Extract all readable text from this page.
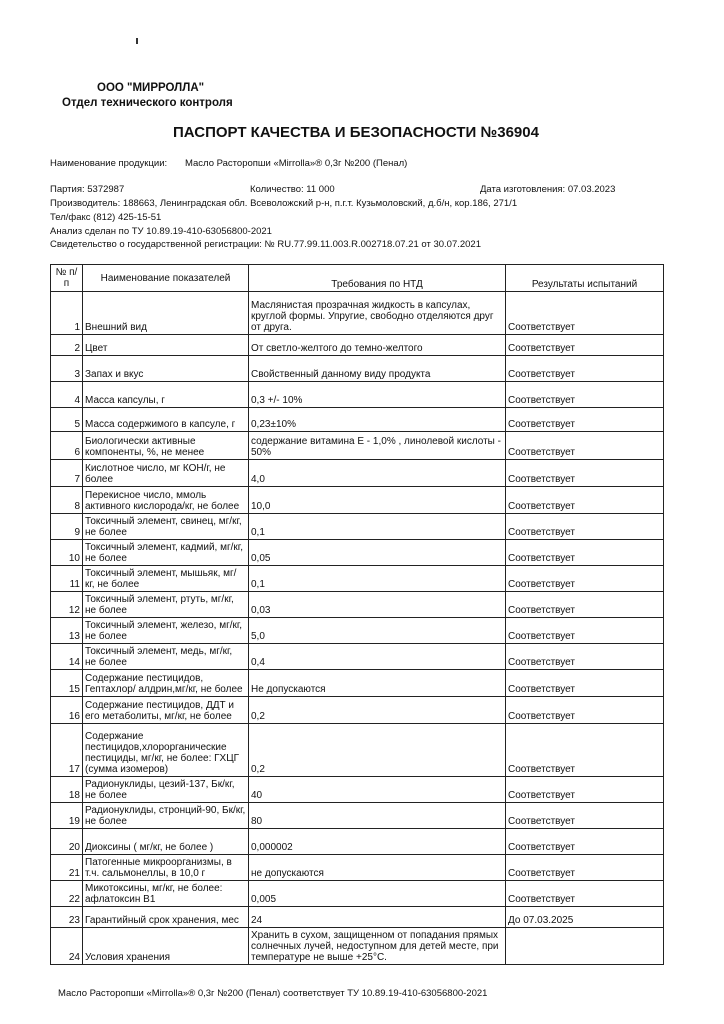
ООО "МИРРОЛЛА"
Отдел технического контроля
ПАСПОРТ КАЧЕСТВА И БЕЗОПАСНОСТИ №36904
Наименование продукции: Масло Расторопши «Mirrolla»® 0,3г №200 (Пенал)
Партия: 5372987	Количество: 11 000	Дата изготовления: 07.03.2023
Производитель: 188663, Ленинградская обл. Всеволожский р-н, п.г.т. Кузьмоловский, д.б/н, кор.186, 271/1
Тел/факс (812) 425-15-51
Анализ сделан по ТУ 10.89.19-410-63056800-2021
Свидетельство о государственной регистрации: № RU.77.99.11.003.R.002718.07.21 от 30.07.2021
№ п/п	Наименование показателей	Требования по НТД	Результаты испытаний
1	Внешний вид	Маслянистая прозрачная жидкость в капсулах, круглой формы. Упругие, свободно отделяются друг от друга.	Соответствует
2	Цвет	От светло-желтого до темно-желтого	Соответствует
3	Запах и вкус	Свойственный данному виду продукта	Соответствует
4	Масса капсулы, г	0,3 +/- 10%	Соответствует
5	Масса содержимого в капсуле, г	0,23±10%	Соответствует
6	Биологически активные компоненты, %, не менее	содержание витамина Е - 1,0% , линолевой кислоты - 50%	Соответствует
7	Кислотное число, мг КОН/г, не более	4,0	Соответствует
8	Перекисное число, ммоль активного кислорода/кг, не более	10,0	Соответствует
9	Токсичный элемент, свинец, мг/кг, не более	0,1	Соответствует
10	Токсичный элемент, кадмий, мг/кг, не более	0,05	Соответствует
11	Токсичный элемент, мышьяк, мг/кг, не более	0,1	Соответствует
12	Токсичный элемент, ртуть, мг/кг, не более	0,03	Соответствует
13	Токсичный элемент, железо, мг/кг, не более	5,0	Соответствует
14	Токсичный элемент, медь, мг/кг, не более	0,4	Соответствует
15	Содержание пестицидов, Гептахлор/ алдрин,мг/кг, не более	Не допускаются	Соответствует
16	Содержание пестицидов, ДДТ и его метаболиты, мг/кг, не более	0,2	Соответствует
17	Содержание пестицидов,хлорорганические пестициды, мг/кг, не более: ГХЦГ (сумма изомеров)	0,2	Соответствует
18	Радионуклиды, цезий-137, Бк/кг, не более	40	Соответствует
19	Радионуклиды, стронций-90, Бк/кг, не более	80	Соответствует
20	Диоксины ( мг/кг, не более )	0,000002	Соответствует
21	Патогенные микроорганизмы, в т.ч. сальмонеллы, в 10,0 г	не допускаются	Соответствует
22	Микотоксины, мг/кг, не более: афлатоксин В1	0,005	Соответствует
23	Гарантийный срок хранения, мес	24	До 07.03.2025
24	Условия хранения	Хранить в сухом, защищенном от попадания прямых солнечных лучей, недоступном для детей месте, при температуре не выше +25°С.	
Масло Расторопши «Mirrolla»® 0,3г №200 (Пенал) соответствует ТУ 10.89.19-410-63056800-2021
